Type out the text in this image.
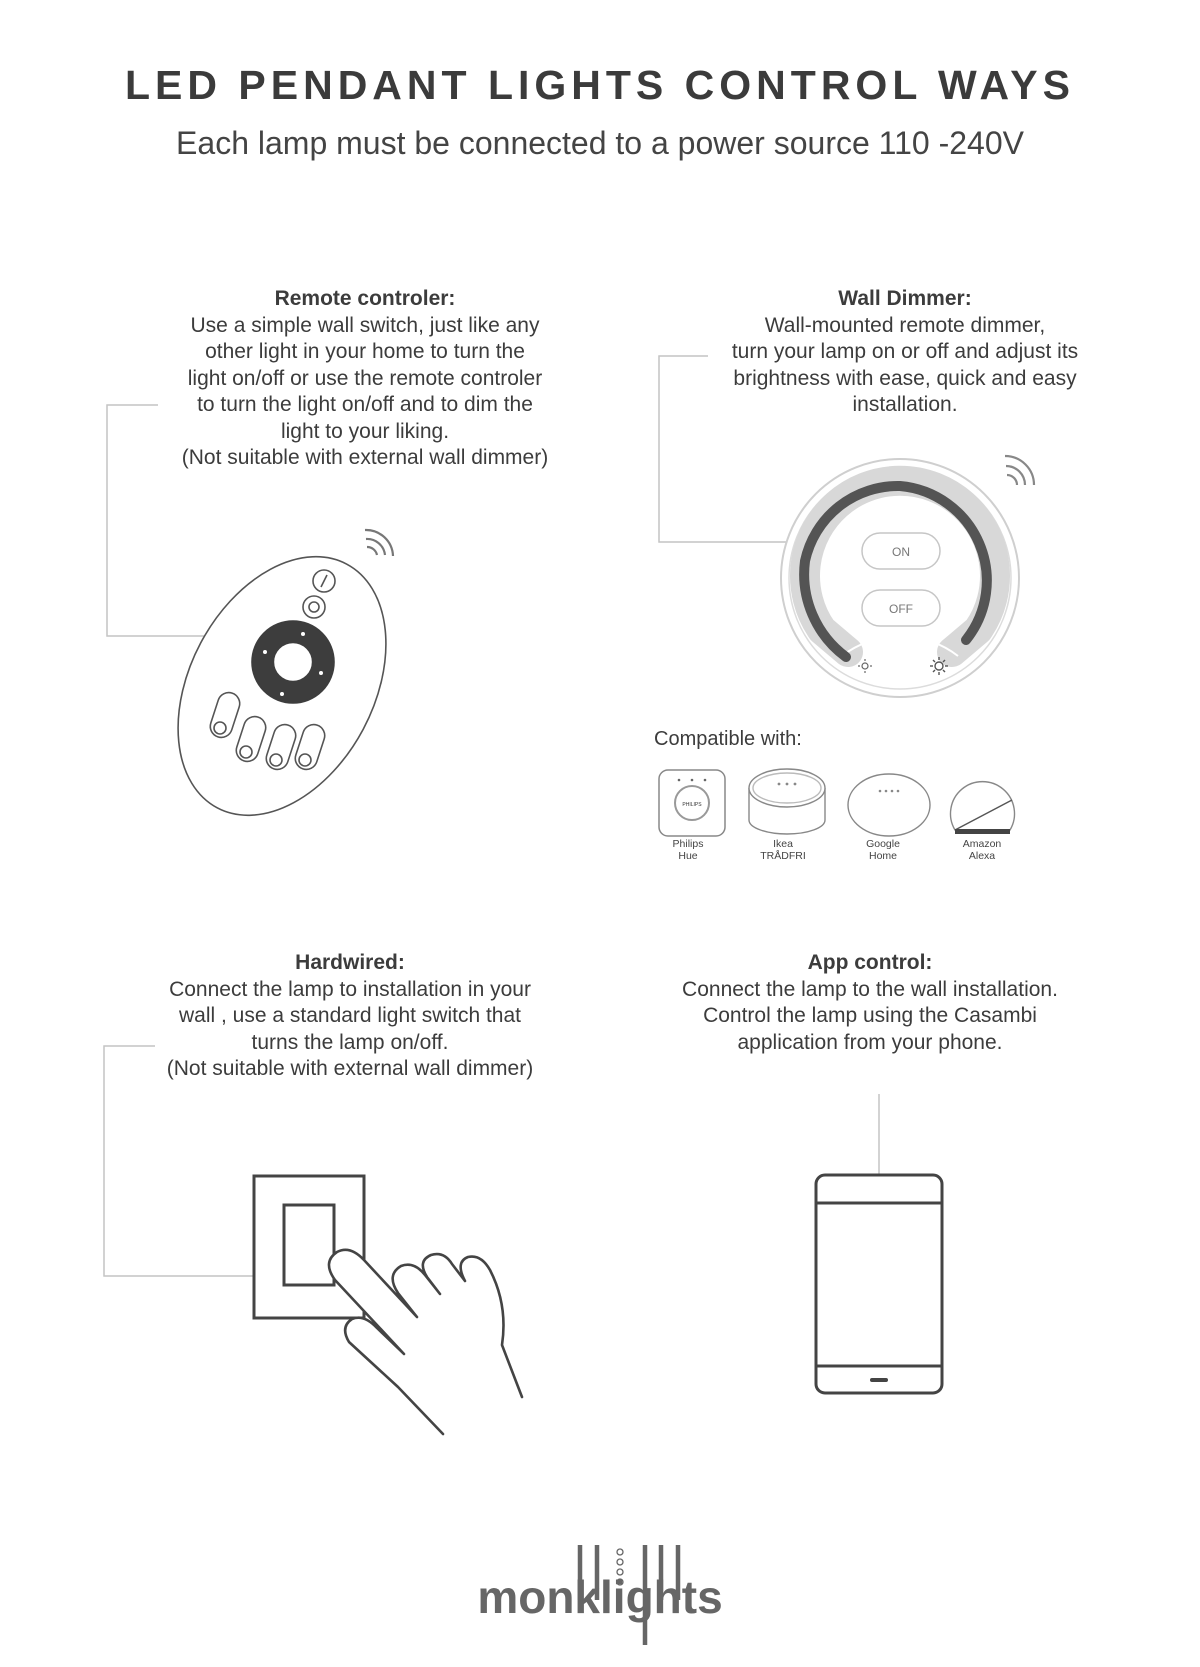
LED PENDANT LIGHTS CONTROL WAYS
Each lamp must be connected to a power source 110 -240V
Remote controler:
Use a simple wall switch, just like any
other light in your home to turn the
light on/off or use the remote controler
to turn the light on/off and to dim the
light to your liking.
(Not suitable with external wall dimmer)
Wall Dimmer:
Wall-mounted remote dimmer,
turn your lamp on or off and adjust its
brightness with ease, quick and easy
installation.
Hardwired:
Connect the lamp to installation in your
wall , use a standard light switch that
turns the lamp on/off.
(Not suitable with external wall dimmer)
App control:
Connect the lamp to the wall installation.
Control the lamp using the Casambi
application from your phone.
Compatible with:
Philips
Hue
Ikea
TRÅDFRI
Google
Home
Amazon
Alexa
ON
OFF
PHILIPS
monklights
